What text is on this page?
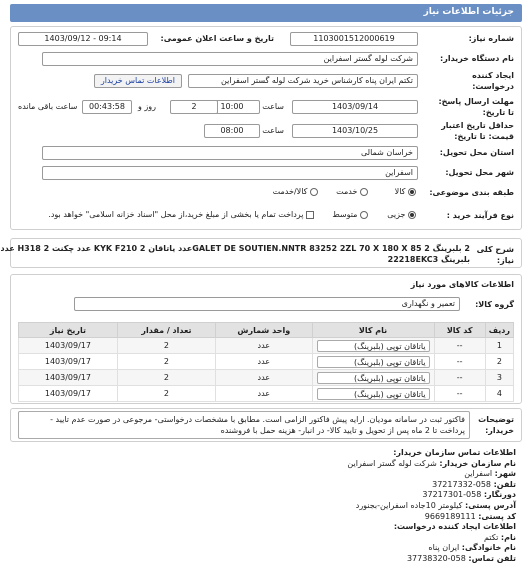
جزئیات اطلاعات نیاز
شماره نیاز:
1103001512000619
تاریخ و ساعت اعلان عمومی:
1403/09/12 - 09:14
نام دستگاه خریدار:
شرکت لوله گستر اسفراین
ایجاد کننده درخواست:
تکتم ایران پناه کارشناس خرید شرکت لوله گستر اسفراین
اطلاعات تماس خریدار
مهلت ارسال پاسخ: تا تاریخ:
1403/09/14
ساعت
10:00
2
روز و
00:43:58
ساعت باقی مانده
حداقل تاریخ اعتبار قیمت: تا تاریخ:
1403/10/25
ساعت
08:00
استان محل تحویل:
خراسان شمالی
شهر محل تحویل:
اسفراین
طبقه بندی موضوعی:
کالا
خدمت
کالا/خدمت
نوع فرآیند خرید :
جزیی
متوسط
پرداخت تمام یا بخشی از مبلغ خرید،از محل "اسناد خزانه اسلامی" خواهد بود.
شرح کلی نیاز:
2 بلبرینگ GALET DE SOUTIEN.NNTR 83252 2ZL 70 X 180 X 85 2عدد یاتاقان KYK F210 2 عدد چکنت H318 2 عدد
بلبرینگ 22218EKC3
اطلاعات کالاهای مورد نیاز
گروه کالا:
تعمیر و نگهداری
ردیف	کد کالا	نام کالا	واحد شمارش	تعداد / مقدار	تاریخ نیاز
1	--	یاتاقان توپی (بلبرینگ)	عدد	2	1403/09/17
2	--	یاتاقان توپی (بلبرینگ)	عدد	2	1403/09/17
3	--	یاتاقان توپی (بلبرینگ)	عدد	2	1403/09/17
4	--	یاتاقان توپی (بلبرینگ)	عدد	2	1403/09/17
توضیحات خریدار:
فاکتور ثبت در سامانه مودیان. ارایه پیش فاکتور الزامی است. مطابق با مشخصات درخواستی- مرجوعی در صورت عدم تایید - پرداخت تا 2 ماه پس از تحویل و تایید کالا- در انبار- هزینه حمل با فروشنده
اطلاعات تماس سازمان خریدار:
نام سازمان خریدار: شرکت لوله گستر اسفراین
شهر: اسفراین
تلفن: 058-37217332
دورنگار: 058-37217301
آدرس پستی: کیلومتر 10جاده اسفراین-بجنورد
کد پستی: 9669189111
اطلاعات ایجاد کننده درخواست:
نام: تکتم
نام خانوادگی: ایران پناه
تلفن تماس: 058-37738320
